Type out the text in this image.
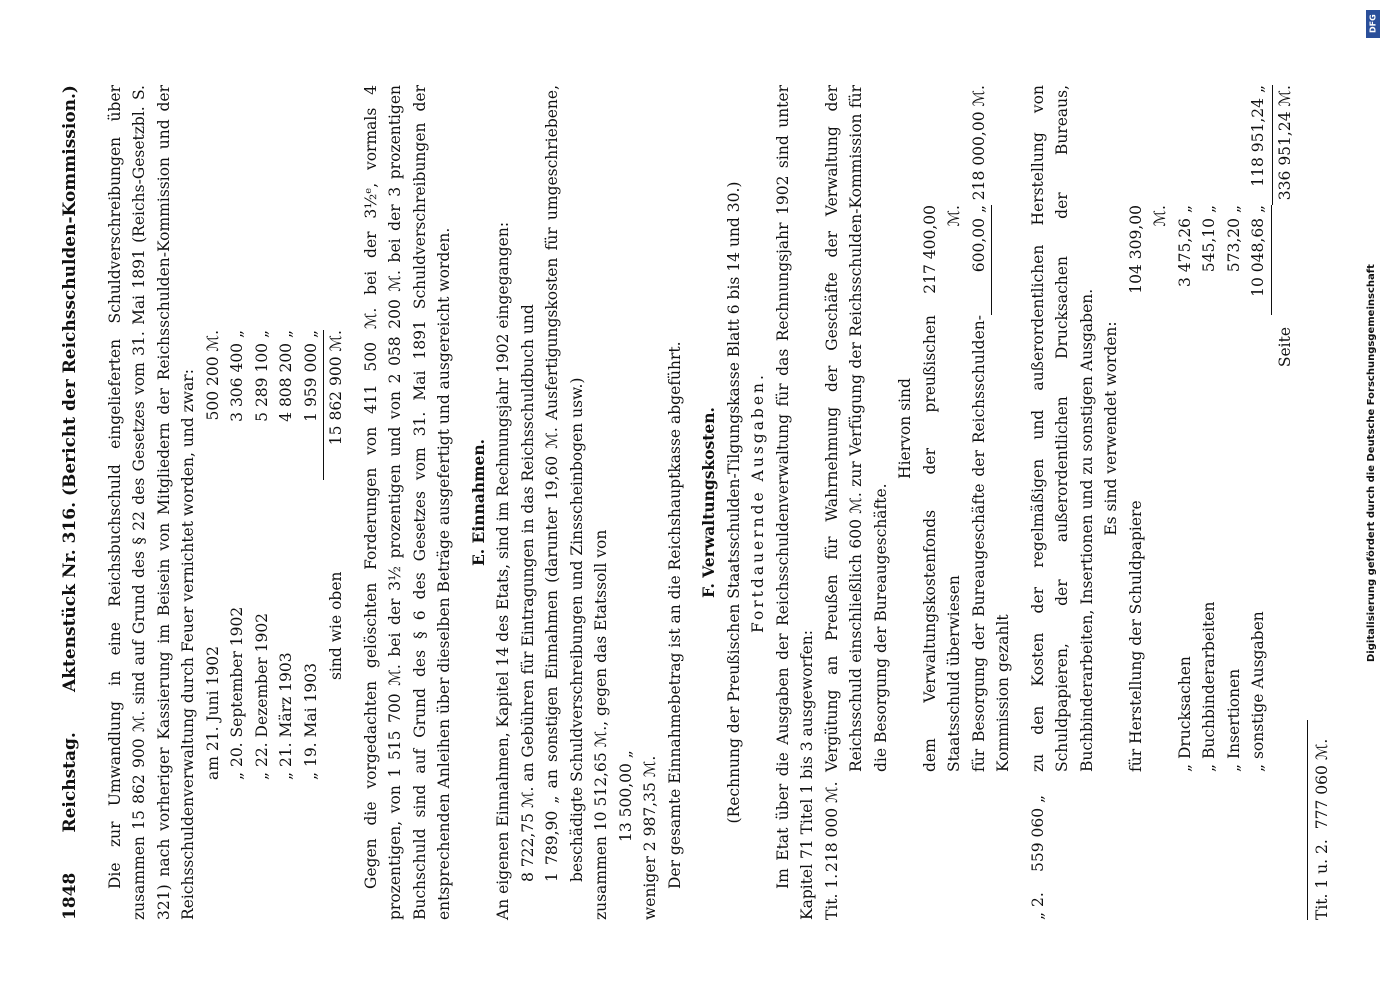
1848
Reichstag.
Aktenstück Nr. 316. (Bericht der Reichsschulden-Kommission.) Die zur Umwandlung in eine Reichsbuchschuld eingelieferten Schuldverschreibungen über zusammen 15 862 900 ℳ. sind auf Grund des § 22 des Gesetzes vom 31. Mai 1891 (Reichs-Gesetzbl. S. 321) nach vorheriger Kassierung im Beisein von Mitgliedern der Reichsschulden-Kommission und der Reichsschuldenverwaltung durch Feuer vernichtet worden, und zwar: am 21. Juni 1902
500 200 ℳ.
„ 20. September 1902
3 306 400 „
„ 22. Dezember 1902
5 289 100 „
„ 21. März 1903
4 808 200 „
„ 19. Mai 1903
1 959 000 „
sind wie oben
15 862 900 ℳ. Gegen die vorgedachten gelöschten Forderungen von 411 500 ℳ. bei der 3½ᵉ, vormals 4 prozentigen, von 1 515 700 ℳ. bei der 3½ prozentigen und von 2 058 200 ℳ. bei der 3 prozentigen Buchschuld sind auf Grund des § 6 des Gesetzes vom 31. Mai 1891 Schuldverschreibungen der entsprechenden Anleihen über dieselben Beträge ausgefertigt und ausgereicht worden. E. Einnahmen. An eigenen Einnahmen, Kapitel 14 des Etats, sind im Rechnungsjahr 1902 eingegangen: 8 722,75 ℳ. an Gebühren für Eintragungen in das Reichsschuldbuch und 1 789,90 „ an sonstigen Einnahmen (darunter 19,60 ℳ. Ausfertigungskosten für umgeschriebene, beschädigte Schuldverschreibungen und Zinsscheinbogen usw.) zusammen 10 512,65 ℳ., gegen das Etatssoll von 13 500,00 „ weniger 2 987,35 ℳ. Der gesamte Einnahmebetrag ist an die Reichshauptkasse abgeführt. F. Verwaltungskosten. (Rechnung der Preußischen Staatsschulden-Tilgungskasse Blatt 6 bis 14 und 30.) Fortdauernde Ausgaben. Im Etat über die Ausgaben der Reichsschuldenverwaltung für das Rechnungsjahr 1902 sind unter Kapitel 71 Titel 1 bis 3 ausgeworfen: Tit. 1.
218 000 ℳ.
Vergütung an Preußen für Wahrnehmung der Geschäfte der Verwaltung der Reichsschuld einschließlich 600 ℳ. zur Verfügung der Reichsschulden-Kommission für die Besorgung der Bureaugeschäfte.
Hiervon sind dem Verwaltungskostenfonds der preußischen Staatsschuld überwiesen
217 400,00 ℳ.
für Besorgung der Bureaugeschäfte der Reichsschulden-Kommission gezahlt
600,00 „
218 000,00 ℳ.
„ 2.
559 060 „
zu den Kosten der regelmäßigen und außerordentlichen Herstellung von Schuldpapieren, der außerordentlichen Drucksachen der Bureaus, Buchbinderarbeiten, Insertionen und zu sonstigen Ausgaben. Es sind verwendet worden:
für Herstellung der Schuldpapiere
104 309,00 ℳ.
„ Drucksachen
3 475,26 „
„ Buchbinderarbeiten
545,10 „
„ Insertionen
573,20 „
„ sonstige Ausgaben
10 048,68 „
118 951,24 „
Seite
336 951,24 ℳ.
Tit. 1 u. 2.
777 060 ℳ.
DFG
Digitalisierung gefördert durch die Deutsche Forschungsgemeinschaft
